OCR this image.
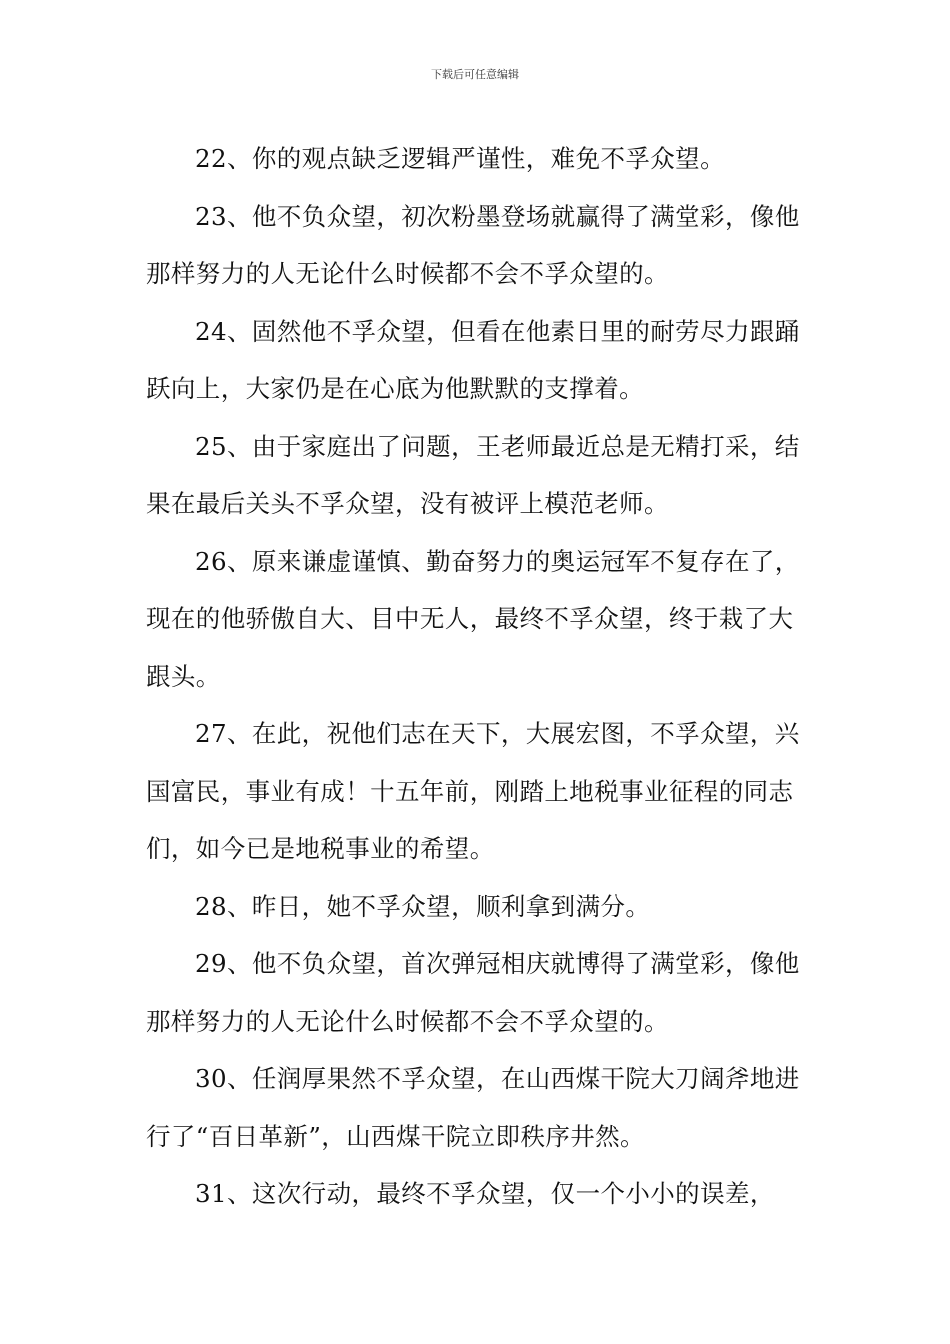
下载后可任意编辑

22、你的观点缺乏逻辑严谨性，难免不孚众望。

23、他不负众望，初次粉墨登场就赢得了满堂彩，像他那样努力的人无论什么时候都不会不孚众望的。

24、固然他不孚众望，但看在他素日里的耐劳尽力跟踊跃向上，大家仍是在心底为他默默的支撑着。

25、由于家庭出了问题，王老师最近总是无精打采，结果在最后关头不孚众望，没有被评上模范老师。

26、原来谦虚谨慎、勤奋努力的奥运冠军不复存在了，现在的他骄傲自大、目中无人，最终不孚众望，终于栽了大跟头。

27、在此，祝他们志在天下，大展宏图，不孚众望，兴国富民，事业有成！十五年前，刚踏上地税事业征程的同志们，如今已是地税事业的希望。

28、昨日，她不孚众望，顺利拿到满分。

29、他不负众望，首次弹冠相庆就博得了满堂彩，像他那样努力的人无论什么时候都不会不孚众望的。

30、任润厚果然不孚众望，在山西煤干院大刀阔斧地进行了“百日革新”，山西煤干院立即秩序井然。

31、这次行动，最终不孚众望，仅一个小小的误差，
